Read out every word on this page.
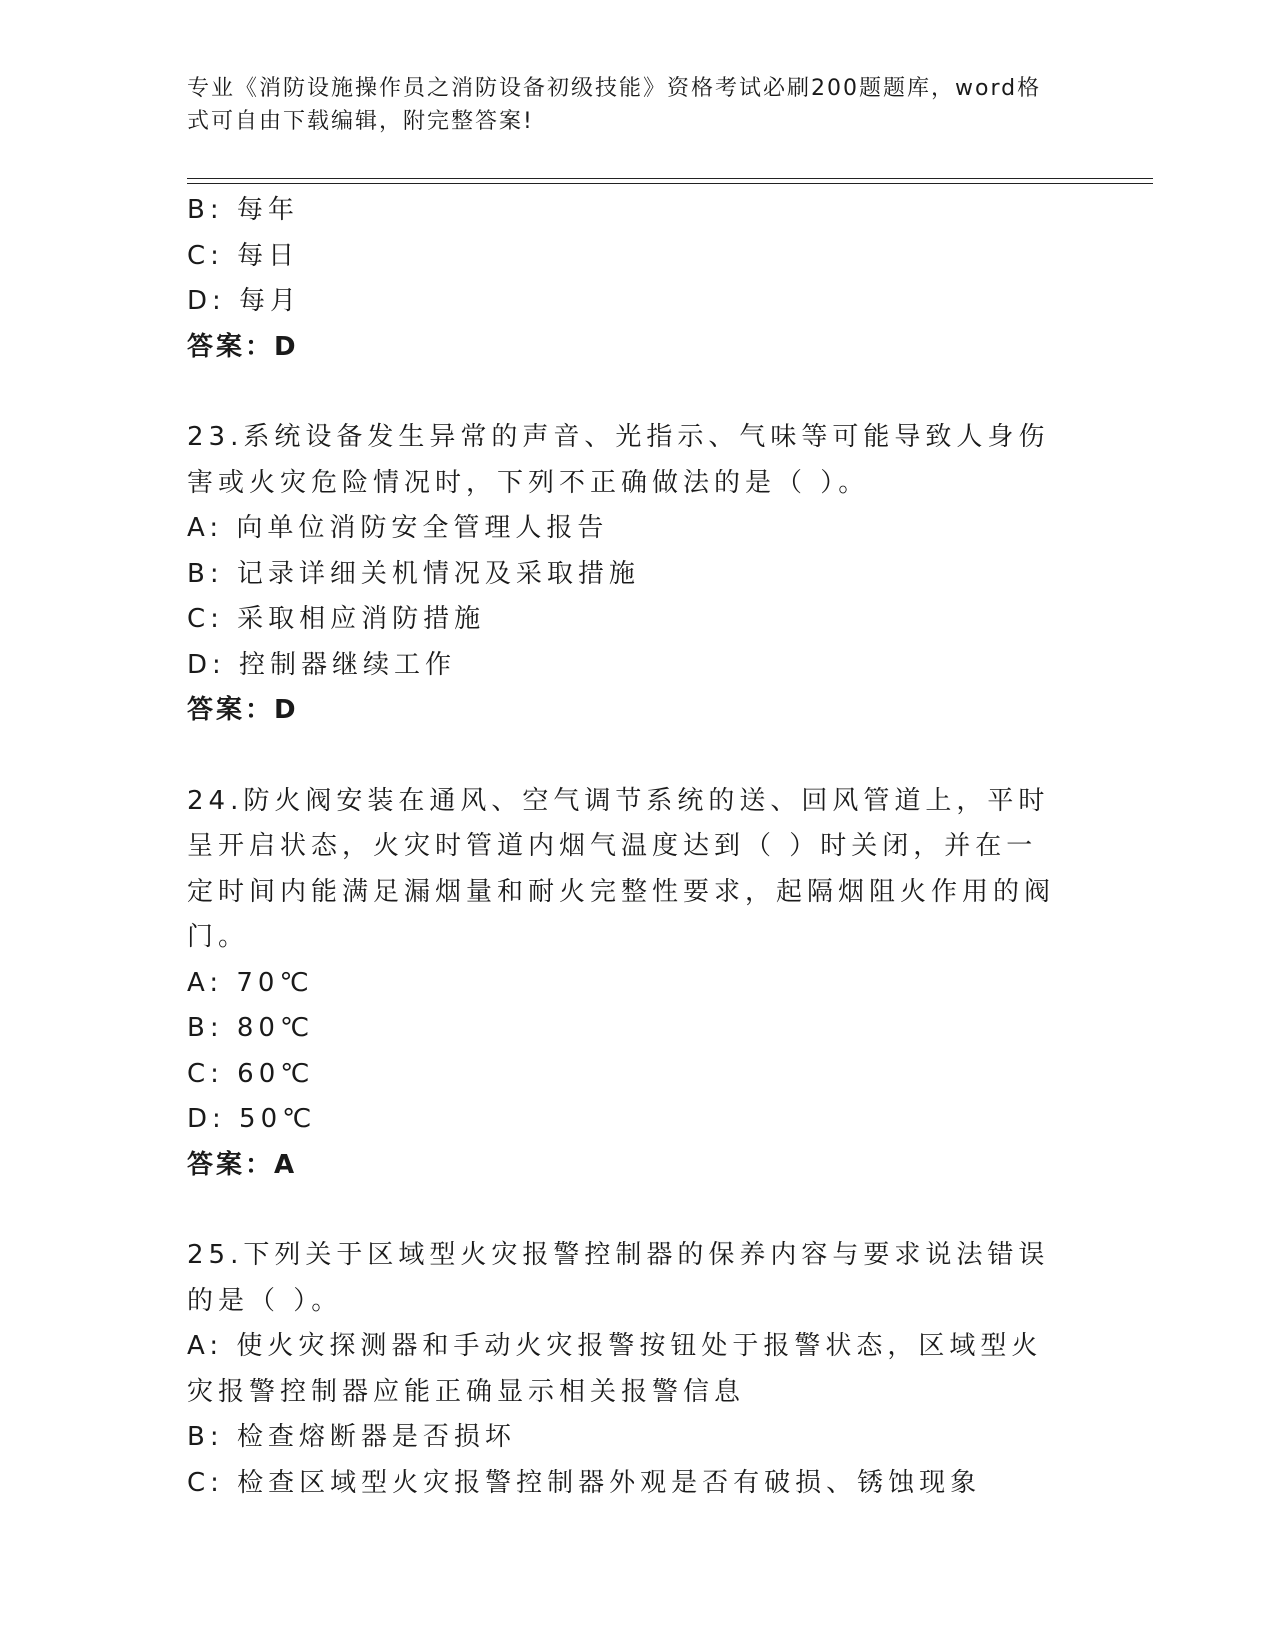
专业《消防设施操作员之消防设备初级技能》资格考试必刷200题题库，word格
式可自由下载编辑，附完整答案!
B: 每年
C: 每日
D: 每月
答案：D
23.系统设备发生异常的声音、光指示、气味等可能导致人身伤害或火灾危险情况时，下列不正确做法的是（ ）。
A: 向单位消防安全管理人报告
B: 记录详细关机情况及采取措施
C: 采取相应消防措施
D: 控制器继续工作
答案：D
24.防火阀安装在通风、空气调节系统的送、回风管道上，平时呈开启状态，火灾时管道内烟气温度达到（ ）时关闭，并在一定时间内能满足漏烟量和耐火完整性要求，起隔烟阻火作用的阀门。
A: 70℃
B: 80℃
C: 60℃
D: 50℃
答案：A
25.下列关于区域型火灾报警控制器的保养内容与要求说法错误的是（ ）。
A: 使火灾探测器和手动火灾报警按钮处于报警状态，区域型火灾报警控制器应能正确显示相关报警信息
B: 检查熔断器是否损坏
C: 检查区域型火灾报警控制器外观是否有破损、锈蚀现象
